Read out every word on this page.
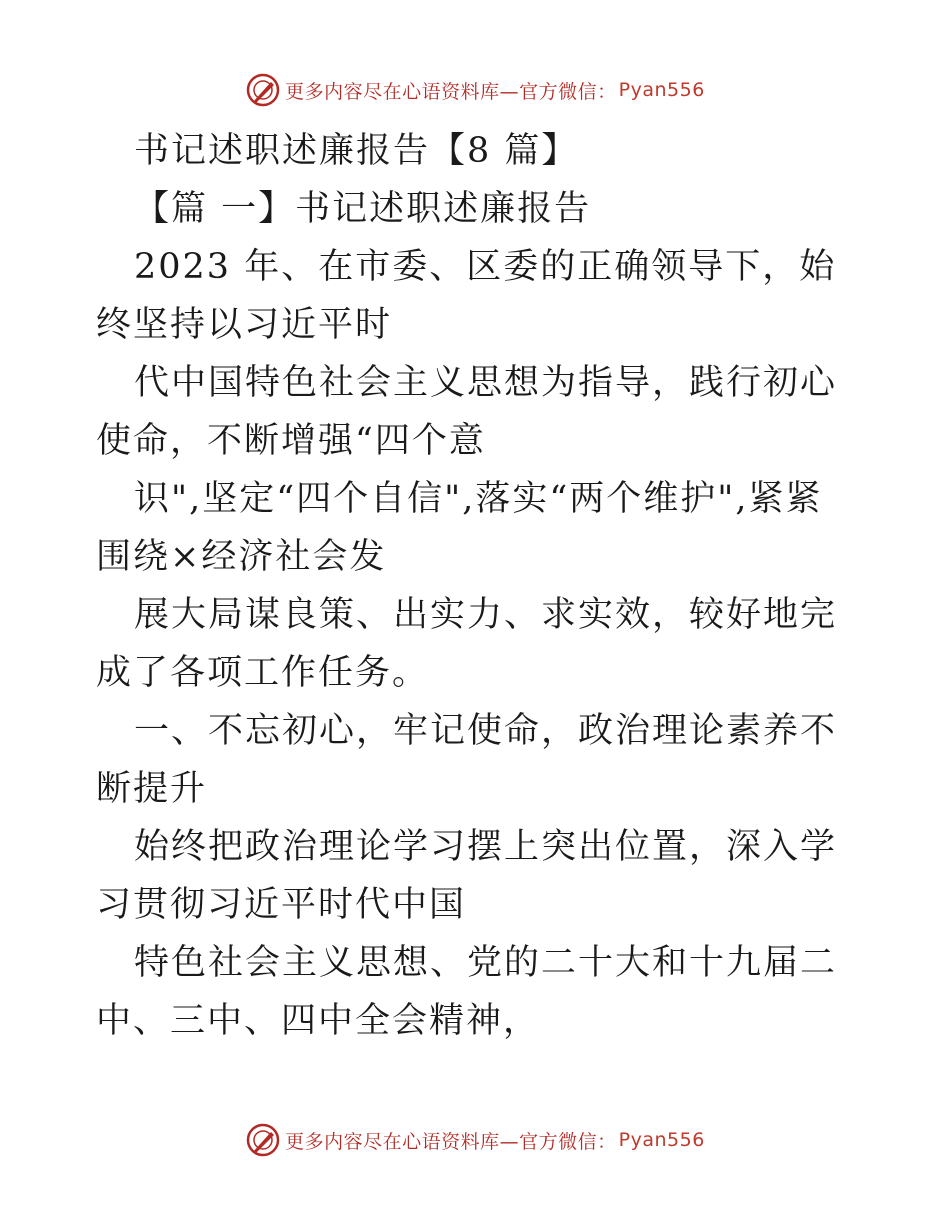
更多内容尽在心语资料库—官方微信： Pyan556

书记述职述廉报告【8 篇】

【篇 一】书记述职述廉报告

2023 年、在市委、区委的正确领导下，始终坚持以习近平时

代中国特色社会主义思想为指导，践行初心使命，不断增强“四个意

识",坚定“四个自信",落实“两个维护",紧紧围绕×经济社会发

展大局谋良策、出实力、求实效，较好地完成了各项工作任务。

一、不忘初心，牢记使命，政治理论素养不断提升

始终把政治理论学习摆上突出位置，深入学习贯彻习近平时代中国

特色社会主义思想、党的二十大和十九届二中、三中、四中全会精神，

更多内容尽在心语资料库—官方微信： Pyan556
